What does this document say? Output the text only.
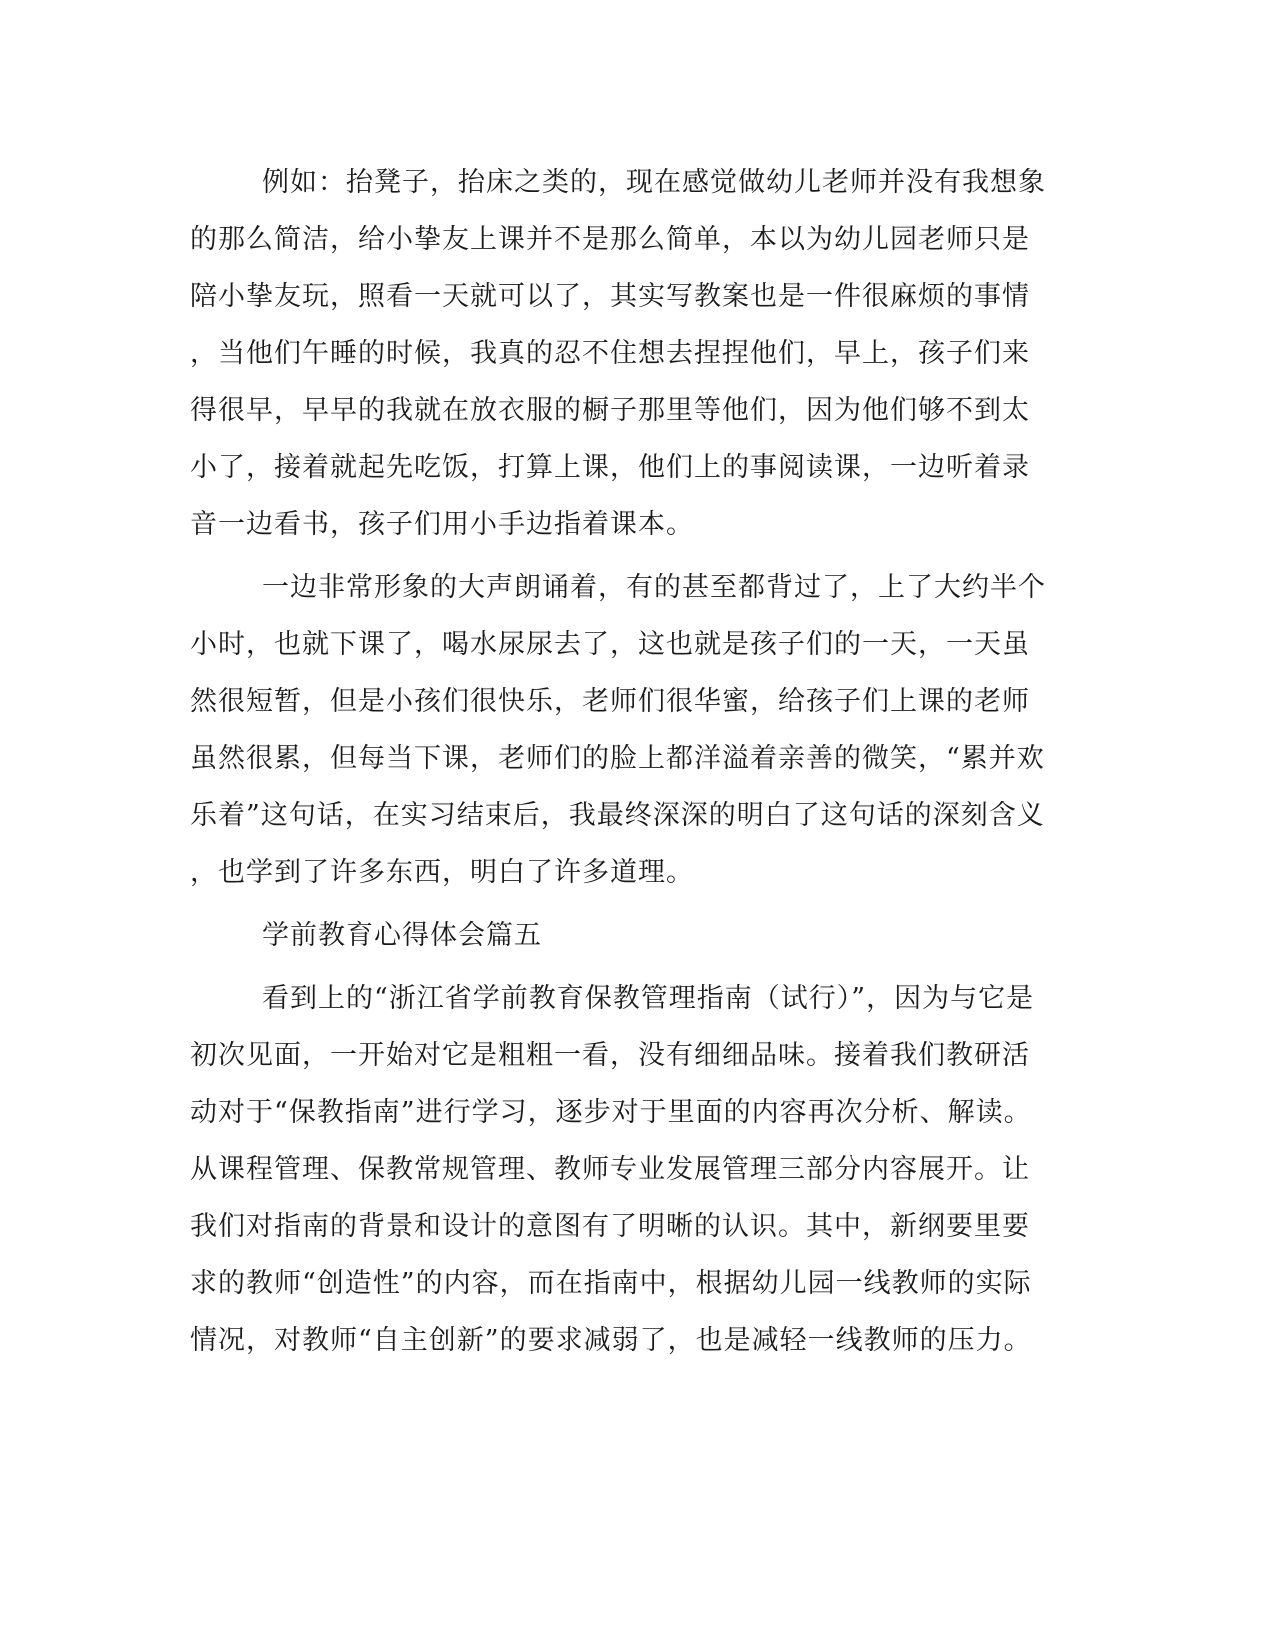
例如：抬凳子，抬床之类的，现在感觉做幼儿老师并没有我想象
的那么简洁，给小挚友上课并不是那么简单，本以为幼儿园老师只是
陪小挚友玩，照看一天就可以了，其实写教案也是一件很麻烦的事情
，当他们午睡的时候，我真的忍不住想去捏捏他们，早上，孩子们来
得很早，早早的我就在放衣服的橱子那里等他们，因为他们够不到太
小了，接着就起先吃饭，打算上课，他们上的事阅读课，一边听着录
音一边看书，孩子们用小手边指着课本。
一边非常形象的大声朗诵着，有的甚至都背过了，上了大约半个
小时，也就下课了，喝水尿尿去了，这也就是孩子们的一天，一天虽
然很短暂，但是小孩们很快乐，老师们很华蜜，给孩子们上课的老师
虽然很累，但每当下课，老师们的脸上都洋溢着亲善的微笑，“累并欢
乐着”这句话，在实习结束后，我最终深深的明白了这句话的深刻含义
，也学到了许多东西，明白了许多道理。
学前教育心得体会篇五
看到上的“浙江省学前教育保教管理指南（试行）”，因为与它是
初次见面，一开始对它是粗粗一看，没有细细品味。接着我们教研活
动对于“保教指南”进行学习，逐步对于里面的内容再次分析、解读。
从课程管理、保教常规管理、教师专业发展管理三部分内容展开。让
我们对指南的背景和设计的意图有了明晰的认识。其中，新纲要里要
求的教师“创造性”的内容，而在指南中，根据幼儿园一线教师的实际
情况，对教师“自主创新”的要求减弱了，也是减轻一线教师的压力。
